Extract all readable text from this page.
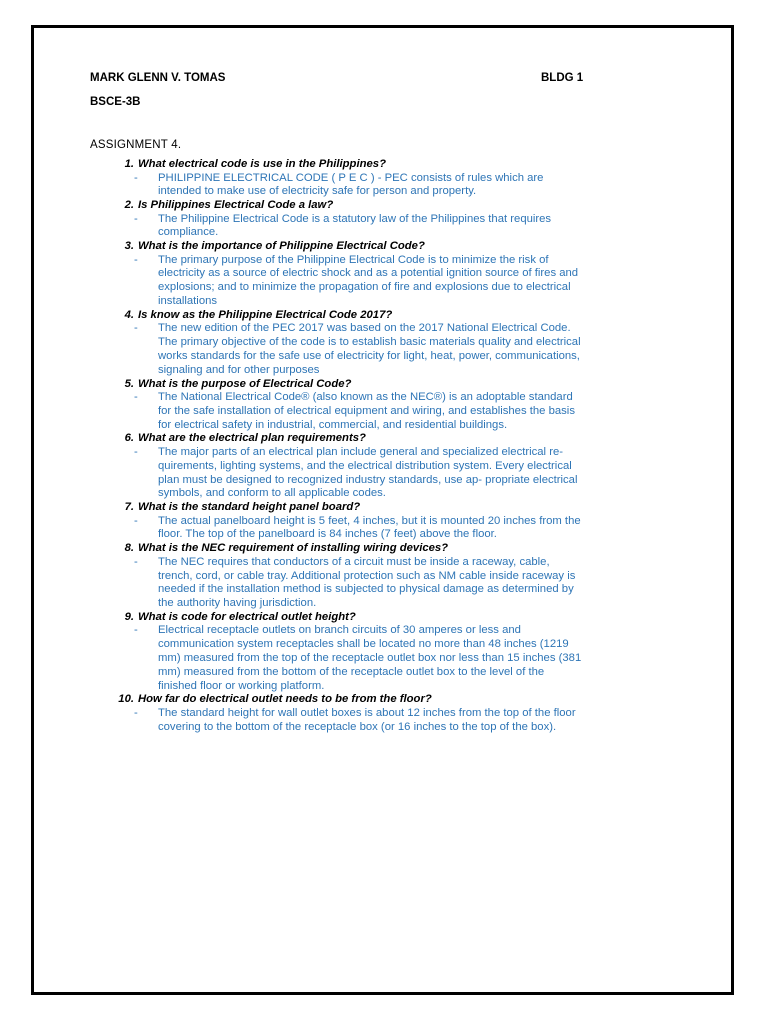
MARK GLENN V. TOMAS	BLDG 1
BSCE-3B
ASSIGNMENT 4.
1. What electrical code is use in the Philippines?
- PHILIPPINE ELECTRICAL CODE ( P E C ) - PEC consists of rules which are
intended to make use of electricity safe for person and property.
2. Is Philippines Electrical Code a law?
- The Philippine Electrical Code is a statutory law of the Philippines that requires
compliance.
3. What is the importance of Philippine Electrical Code?
- The primary purpose of the Philippine Electrical Code is to minimize the risk of
electricity as a source of electric shock and as a potential ignition source of fires and
explosions; and to minimize the propagation of fire and explosions due to electrical
installations
4. Is know as the Philippine Electrical Code 2017?
- The new edition of the PEC 2017 was based on the 2017 National Electrical Code.
The primary objective of the code is to establish basic materials quality and electrical
works standards for the safe use of electricity for light, heat, power, communications,
signaling and for other purposes
5. What is the purpose of Electrical Code?
- The National Electrical Code® (also known as the NEC®) is an adoptable standard
for the safe installation of electrical equipment and wiring, and establishes the basis
for electrical safety in industrial, commercial, and residential buildings.
6. What are the electrical plan requirements?
- The major parts of an electrical plan include general and specialized electrical re-
quirements, lighting systems, and the electrical distribution system. Every electrical
plan must be designed to recognized industry standards, use ap- propriate electrical
symbols, and conform to all applicable codes.
7. What is the standard height panel board?
- The actual panelboard height is 5 feet, 4 inches, but it is mounted 20 inches from the
floor. The top of the panelboard is 84 inches (7 feet) above the floor.
8. What is the NEC requirement of installing wiring devices?
- The NEC requires that conductors of a circuit must be inside a raceway, cable,
trench, cord, or cable tray. Additional protection such as NM cable inside raceway is
needed if the installation method is subjected to physical damage as determined by
the authority having jurisdiction.
9. What is code for electrical outlet height?
- Electrical receptacle outlets on branch circuits of 30 amperes or less and
communication system receptacles shall be located no more than 48 inches (1219
mm) measured from the top of the receptacle outlet box nor less than 15 inches (381
mm) measured from the bottom of the receptacle outlet box to the level of the
finished floor or working platform.
10. How far do electrical outlet needs to be from the floor?
- The standard height for wall outlet boxes is about 12 inches from the top of the floor
covering to the bottom of the receptacle box (or 16 inches to the top of the box).
